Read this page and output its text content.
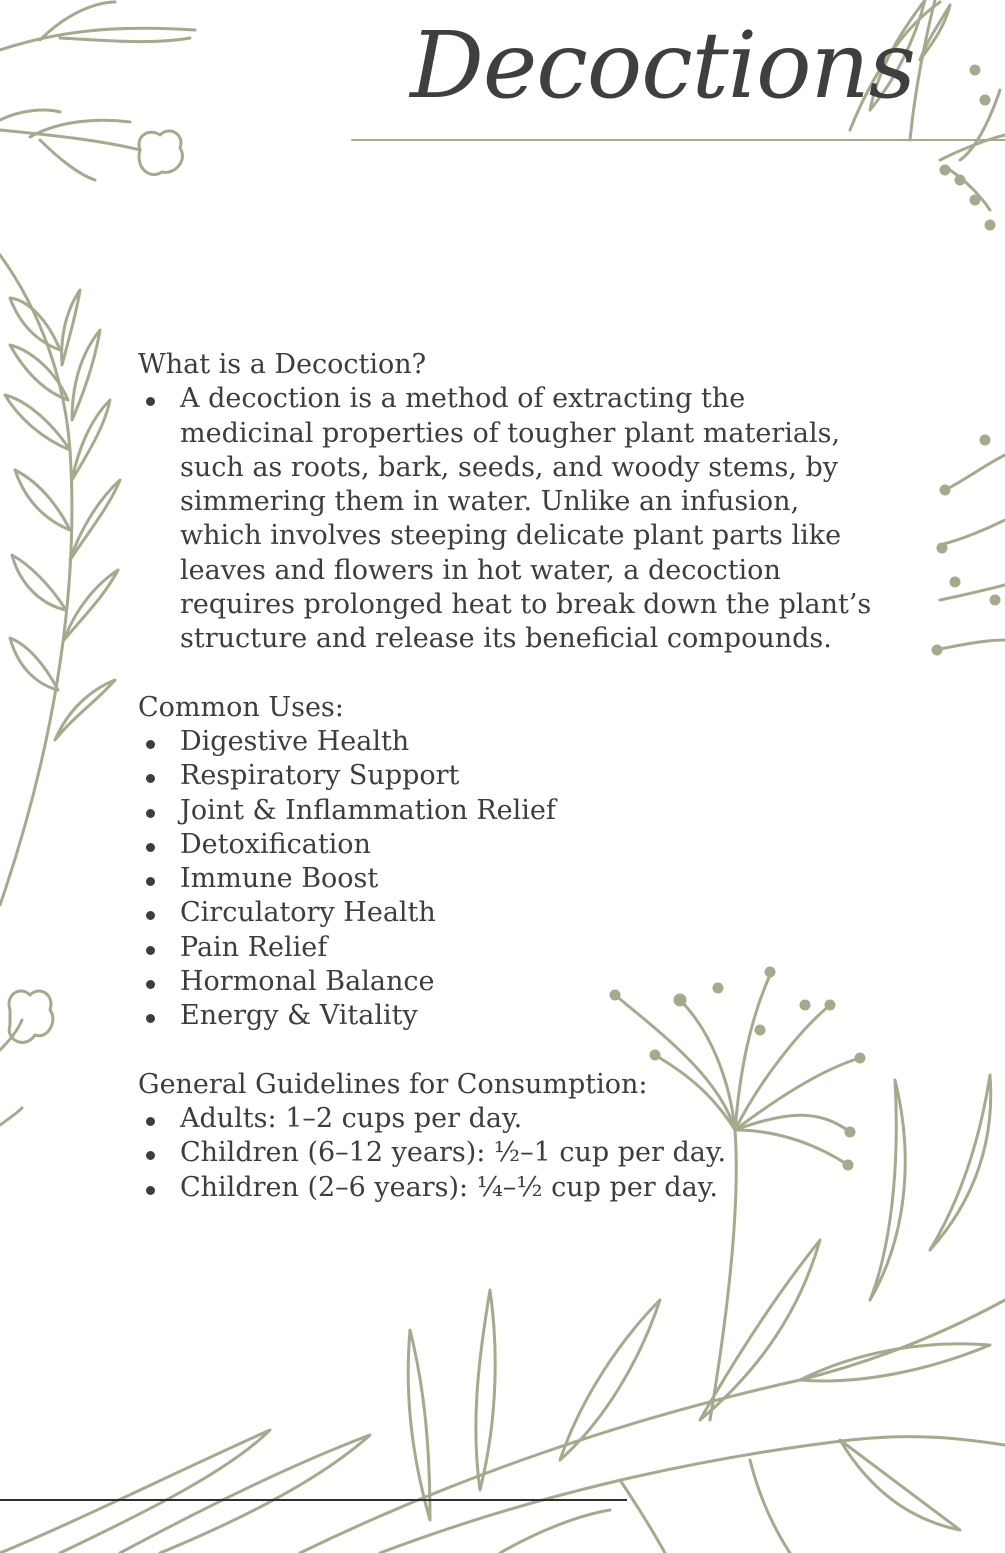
Decoctions

What is a Decoction?

A decoction is a method of extracting the medicinal properties of tougher plant materials, such as roots, bark, seeds, and woody stems, by simmering them in water. Unlike an infusion, which involves steeping delicate plant parts like leaves and flowers in hot water, a decoction requires prolonged heat to break down the plant’s structure and release its beneficial compounds.

Common Uses:

Digestive Health
Respiratory Support
Joint & Inflammation Relief
Detoxification
Immune Boost
Circulatory Health
Pain Relief
Hormonal Balance
Energy & Vitality

General Guidelines for Consumption:

Adults: 1–2 cups per day.
Children (6–12 years): ½–1 cup per day.
Children (2–6 years): ¼–½ cup per day.
